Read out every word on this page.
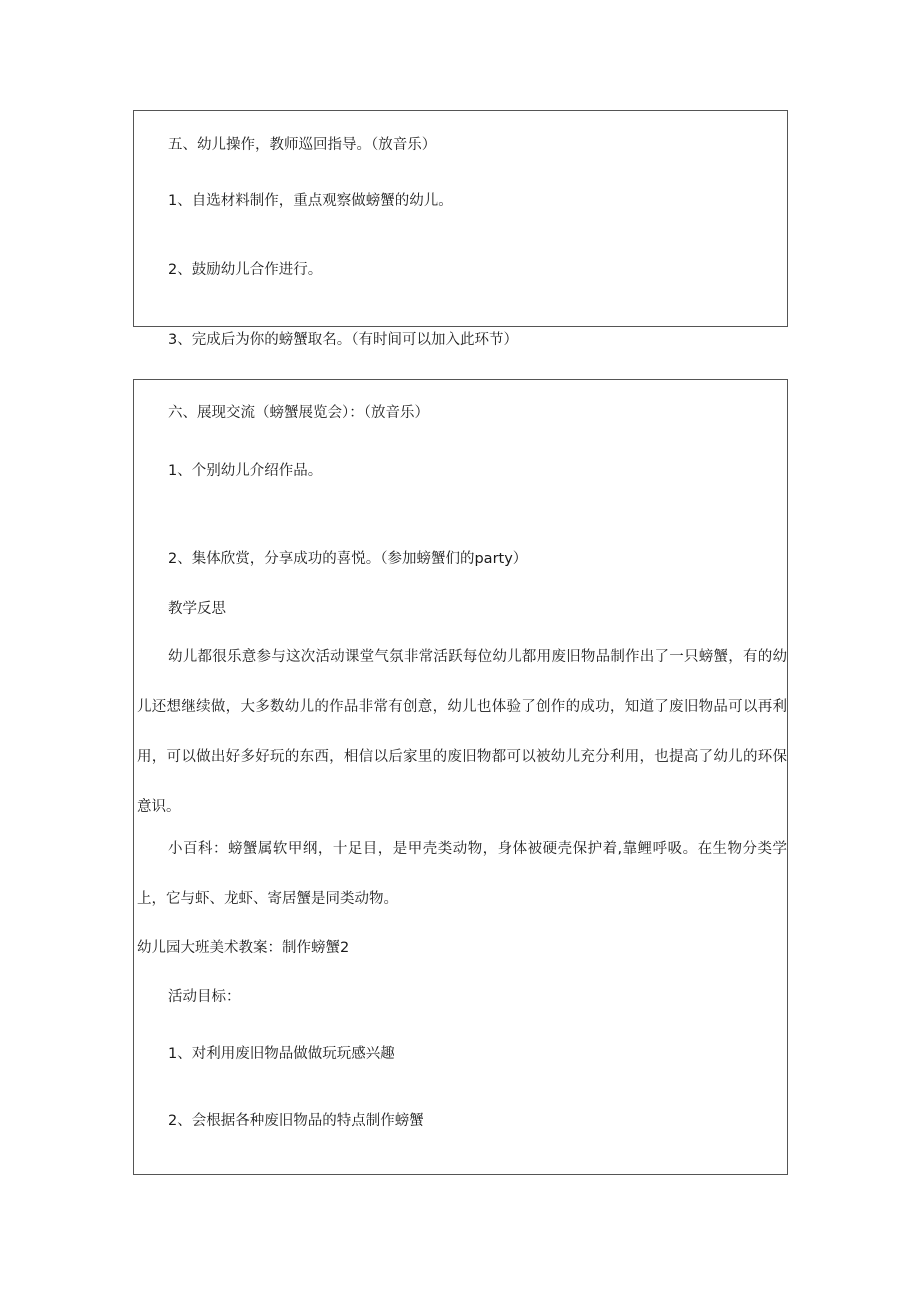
五、幼儿操作，教师巡回指导。（放音乐）
1、自选材料制作，重点观察做螃蟹的幼儿。
2、鼓励幼儿合作进行。
3、完成后为你的螃蟹取名。（有时间可以加入此环节）
六、展现交流（螃蟹展览会）：（放音乐）
1、个别幼儿介绍作品。
2、集体欣赏，分享成功的喜悦。（参加螃蟹们的party）
教学反思
幼儿都很乐意参与这次活动课堂气氛非常活跃每位幼儿都用废旧物品制作出了一只螃蟹，有的幼儿还想继续做，大多数幼儿的作品非常有创意，幼儿也体验了创作的成功，知道了废旧物品可以再利用，可以做出好多好玩的东西，相信以后家里的废旧物都可以被幼儿充分利用，也提高了幼儿的环保意识。
小百科：螃蟹属软甲纲，十足目，是甲壳类动物，身体被硬壳保护着,靠鲤呼吸。在生物分类学上，它与虾、龙虾、寄居蟹是同类动物。
幼儿园大班美术教案：制作螃蟹2
活动目标：
1、对利用废旧物品做做玩玩感兴趣
2、会根据各种废旧物品的特点制作螃蟹
